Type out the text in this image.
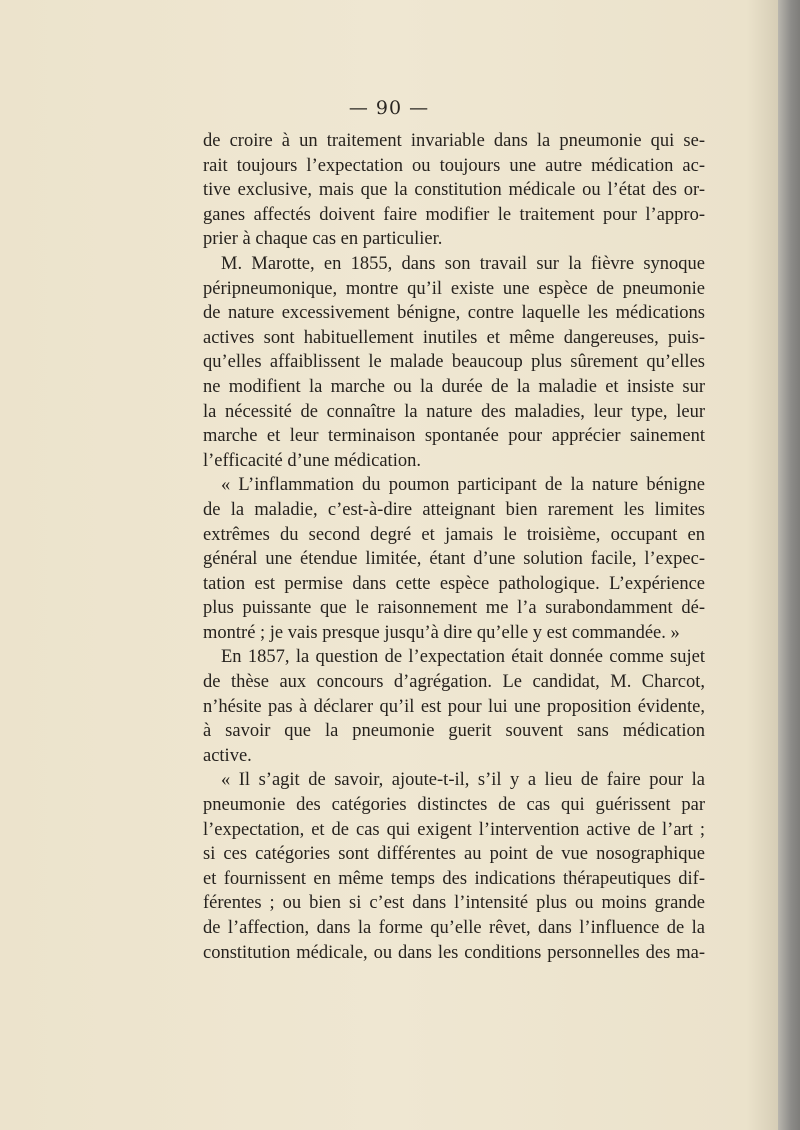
— 90 —

de croire à un traitement invariable dans la pneumonie qui se-

rait toujours l’expectation ou toujours une autre médication ac-

tive exclusive, mais que la constitution médicale ou l’état des or-

ganes affectés doivent faire modifier le traitement pour l’appro-

prier à chaque cas en particulier.

M. Marotte, en 1855, dans son travail sur la fièvre synoque

péripneumonique, montre qu’il existe une espèce de pneumonie

de nature excessivement bénigne, contre laquelle les médications

actives sont habituellement inutiles et même dangereuses, puis-

qu’elles affaiblissent le malade beaucoup plus sûrement qu’elles

ne modifient la marche ou la durée de la maladie et insiste sur

la nécessité de connaître la nature des maladies, leur type, leur

marche et leur terminaison spontanée pour apprécier sainement

l’efficacité d’une médication.

« L’inflammation du poumon participant de la nature bénigne

de la maladie, c’est-à-dire atteignant bien rarement les limites

extrêmes du second degré et jamais le troisième, occupant en

général une étendue limitée, étant d’une solution facile, l’expec-

tation est permise dans cette espèce pathologique. L’expérience

plus puissante que le raisonnement me l’a surabondamment dé-

montré ; je vais presque jusqu’à dire qu’elle y est commandée. »

En 1857, la question de l’expectation était donnée comme sujet

de thèse aux concours d’agrégation. Le candidat, M. Charcot,

n’hésite pas à déclarer qu’il est pour lui une proposition évidente,

à savoir que la pneumonie guerit souvent sans médication

active.

« Il s’agit de savoir, ajoute-t-il, s’il y a lieu de faire pour la

pneumonie des catégories distinctes de cas qui guérissent par

l’expectation, et de cas qui exigent l’intervention active de l’art ;

si ces catégories sont différentes au point de vue nosographique

et fournissent en même temps des indications thérapeutiques dif-

férentes ; ou bien si c’est dans l’intensité plus ou moins grande

de l’affection, dans la forme qu’elle rêvet, dans l’influence de la

constitution médicale, ou dans les conditions personnelles des ma-
